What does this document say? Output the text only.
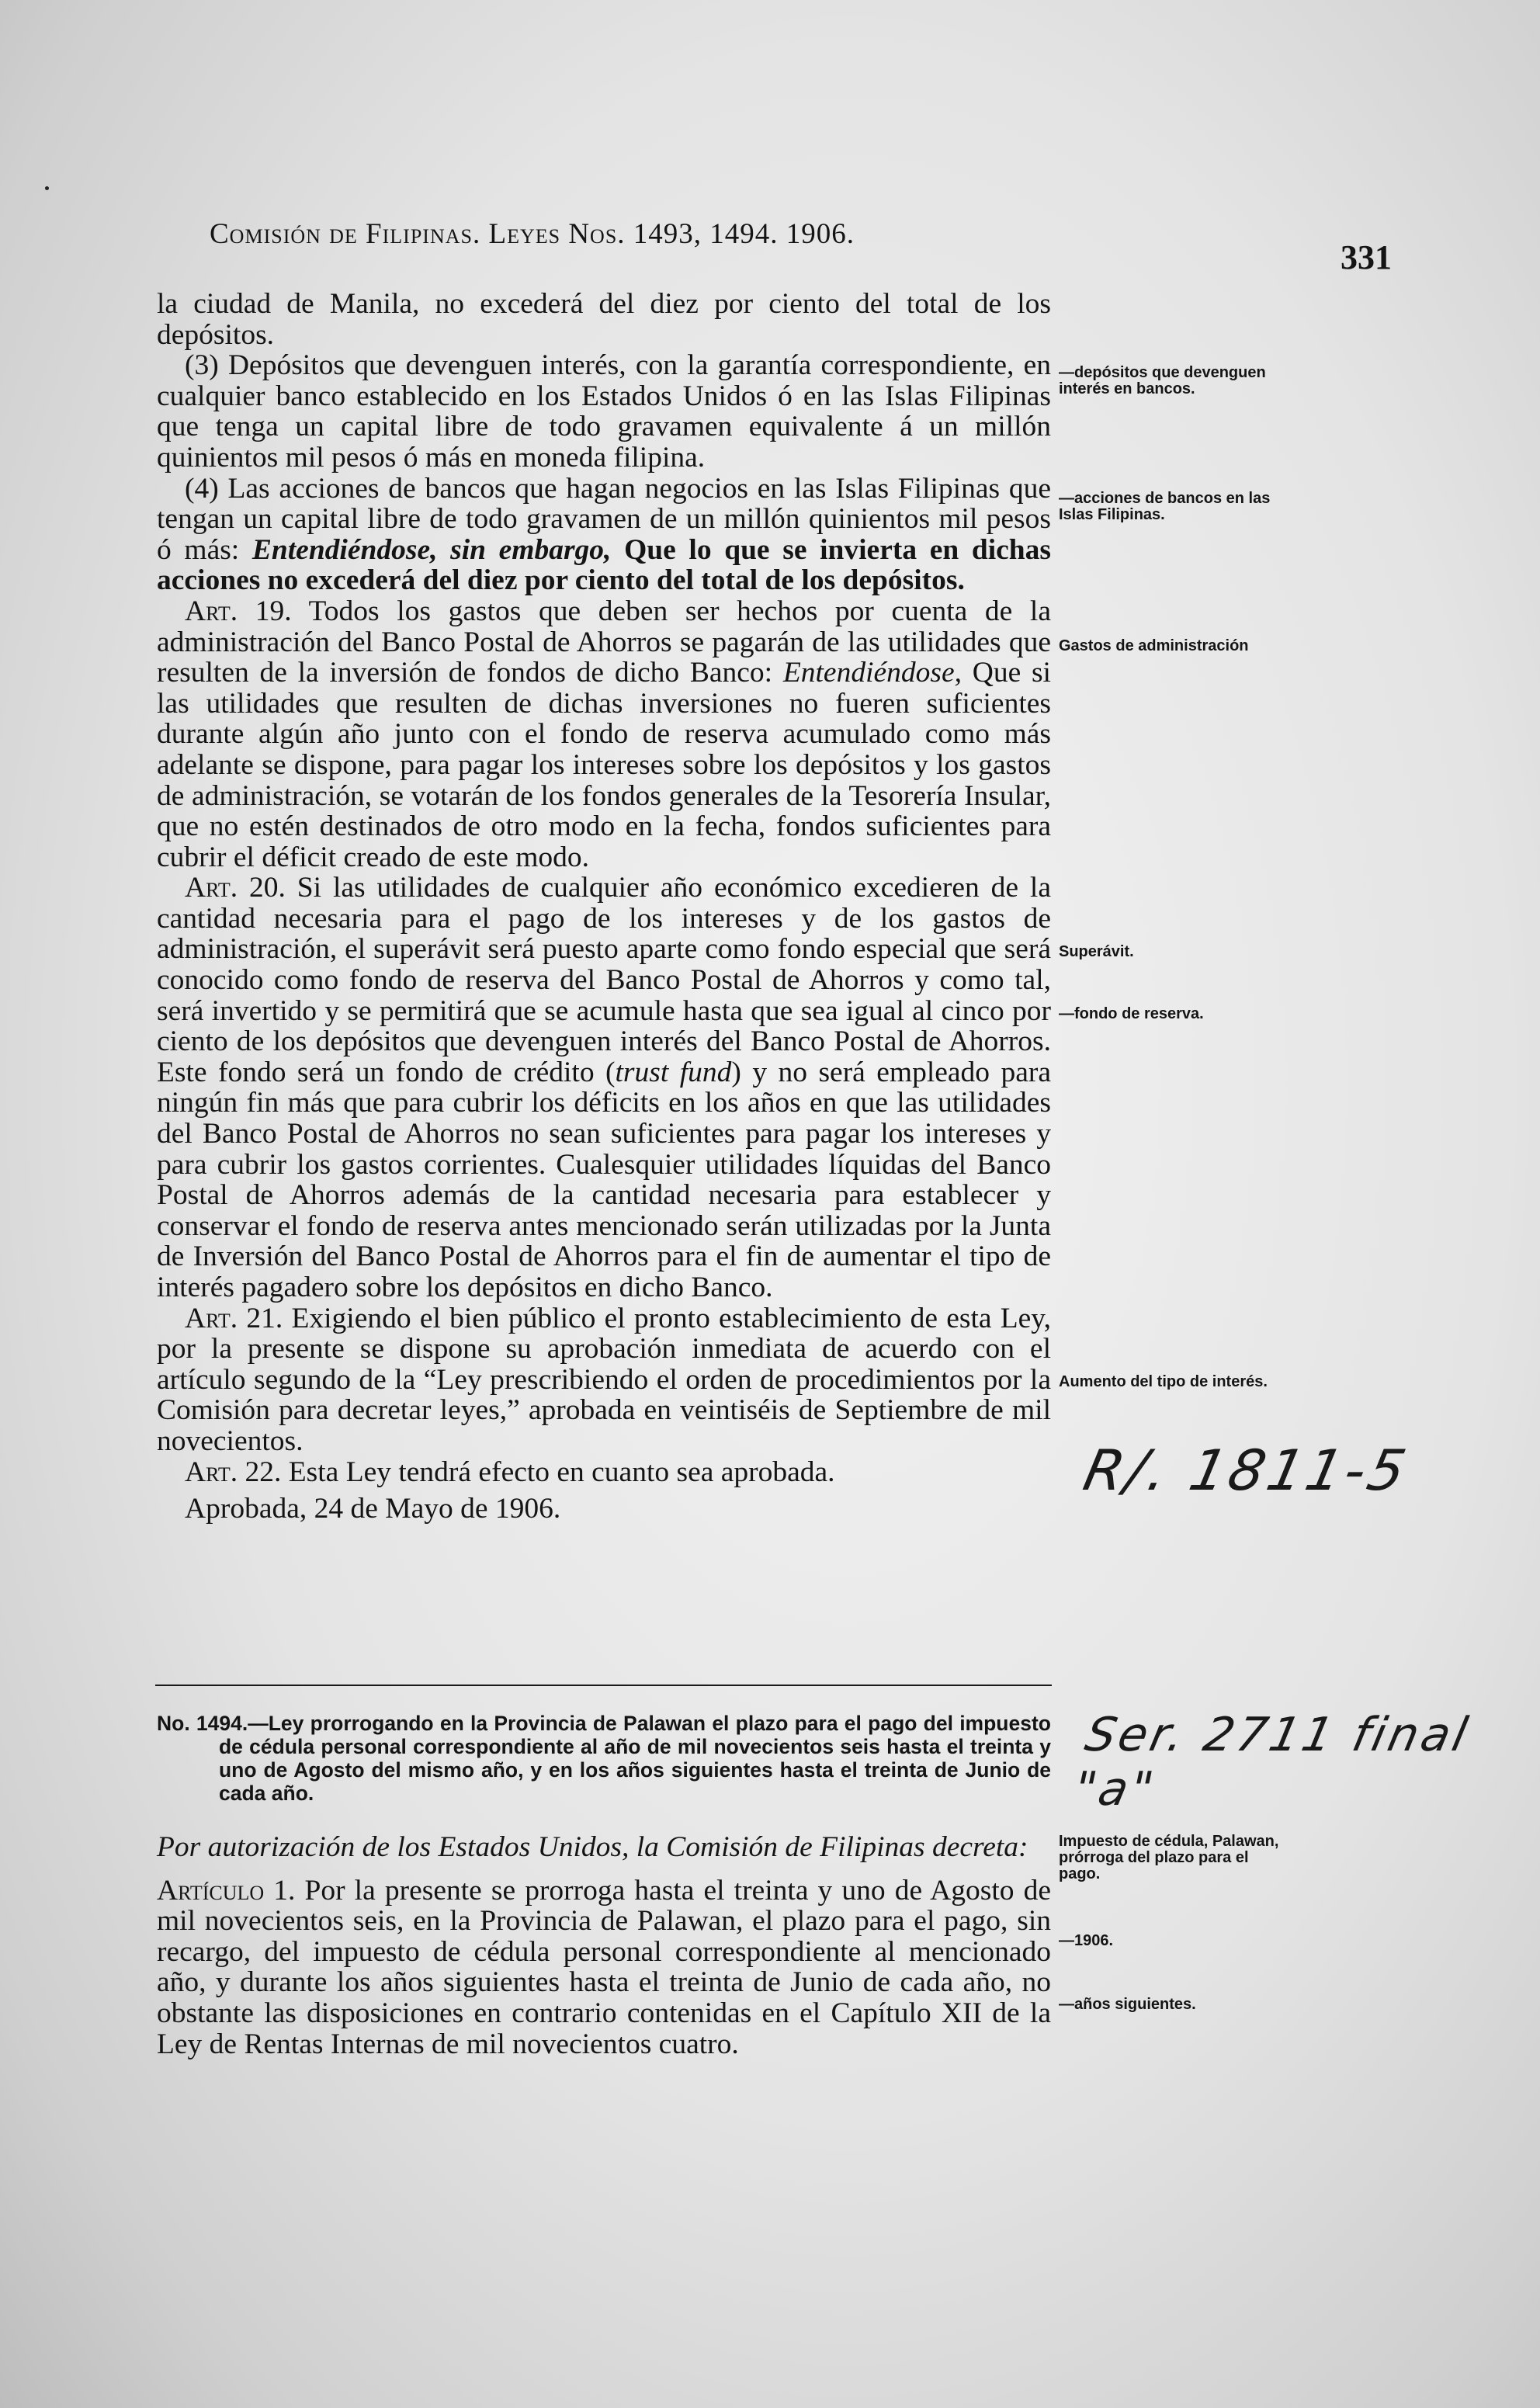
Comisión de Filipinas. Leyes Nos. 1493, 1494. 1906.
331

la ciudad de Manila, no excederá del diez por ciento del total de los depósitos.

(3) Depósitos que devenguen interés, con la garantía correspondiente, en cualquier banco establecido en los Estados Unidos ó en las Islas Filipinas que tenga un capital libre de todo gravamen equivalente á un millón quinientos mil pesos ó más en moneda filipina.

(4) Las acciones de bancos que hagan negocios en las Islas Filipinas que tengan un capital libre de todo gravamen de un millón quinientos mil pesos ó más: Entendiéndose, sin embargo, Que lo que se invierta en dichas acciones no excederá del diez por ciento del total de los depósitos.

Art. 19. Todos los gastos que deben ser hechos por cuenta de la administración del Banco Postal de Ahorros se pagarán de las utilidades que resulten de la inversión de fondos de dicho Banco: Entendiéndose, Que si las utilidades que resulten de dichas inversiones no fueren suficientes durante algún año junto con el fondo de reserva acumulado como más adelante se dispone, para pagar los intereses sobre los depósitos y los gastos de administración, se votarán de los fondos generales de la Tesorería Insular, que no estén destinados de otro modo en la fecha, fondos suficientes para cubrir el déficit creado de este modo.

Art. 20. Si las utilidades de cualquier año económico excedieren de la cantidad necesaria para el pago de los intereses y de los gastos de administración, el superávit será puesto aparte como fondo especial que será conocido como fondo de reserva del Banco Postal de Ahorros y como tal, será invertido y se permitirá que se acumule hasta que sea igual al cinco por ciento de los depósitos que devenguen interés del Banco Postal de Ahorros. Este fondo será un fondo de crédito (trust fund) y no será empleado para ningún fin más que para cubrir los déficits en los años en que las utilidades del Banco Postal de Ahorros no sean suficientes para pagar los intereses y para cubrir los gastos corrientes. Cualesquier utilidades líquidas del Banco Postal de Ahorros además de la cantidad necesaria para establecer y conservar el fondo de reserva antes mencionado serán utilizadas por la Junta de Inversión del Banco Postal de Ahorros para el fin de aumentar el tipo de interés pagadero sobre los depósitos en dicho Banco.

Art. 21. Exigiendo el bien público el pronto establecimiento de esta Ley, por la presente se dispone su aprobación inmediata de acuerdo con el artículo segundo de la “Ley prescribiendo el orden de procedimientos por la Comisión para decretar leyes,” aprobada en veintiséis de Septiembre de mil novecientos.

Art. 22. Esta Ley tendrá efecto en cuanto sea aprobada.

Aprobada, 24 de Mayo de 1906.

—depósitos que devenguen interés en bancos.
—acciones de bancos en las Islas Filipinas.
Gastos de administración
Superávit.
—fondo de reserva.
Aumento del tipo de interés.
Impuesto de cédula, Palawan, prórroga del plazo para el pago.
—1906.
—años siguientes.
R/. 1811-5
Ser. 2711 final "a"
No. 1494.—Ley prorrogando en la Provincia de Palawan el plazo para el pago del impuesto de cédula personal correspondiente al año de mil novecientos seis hasta el treinta y uno de Agosto del mismo año, y en los años siguientes hasta el treinta de Junio de cada año.

Por autorización de los Estados Unidos, la Comisión de Filipinas decreta:

Artículo 1. Por la presente se prorroga hasta el treinta y uno de Agosto de mil novecientos seis, en la Provincia de Palawan, el plazo para el pago, sin recargo, del impuesto de cédula personal correspondiente al mencionado año, y durante los años siguientes hasta el treinta de Junio de cada año, no obstante las disposiciones en contrario contenidas en el Capítulo XII de la Ley de Rentas Internas de mil novecientos cuatro.
